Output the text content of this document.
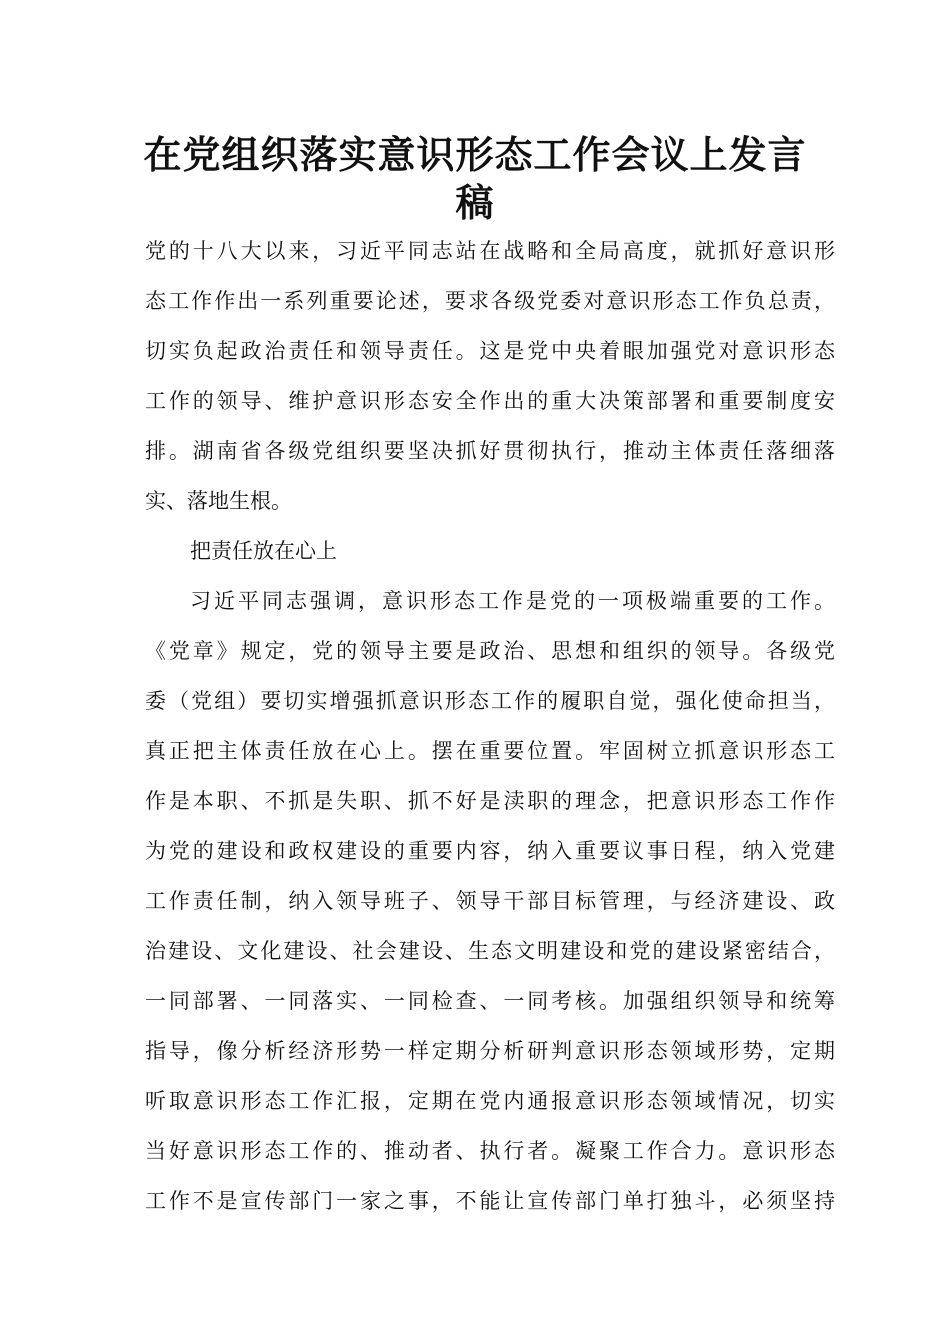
在党组织落实意识形态工作会议上发言
稿

党的十八大以来，习近平同志站在战略和全局高度，就抓好意识形

态工作作出一系列重要论述，要求各级党委对意识形态工作负总责，

切实负起政治责任和领导责任。这是党中央着眼加强党对意识形态

工作的领导、维护意识形态安全作出的重大决策部署和重要制度安

排。湖南省各级党组织要坚决抓好贯彻执行，推动主体责任落细落

实、落地生根。

把责任放在心上

习近平同志强调，意识形态工作是党的一项极端重要的工作。

《党章》规定，党的领导主要是政治、思想和组织的领导。各级党

委（党组）要切实增强抓意识形态工作的履职自觉，强化使命担当，

真正把主体责任放在心上。摆在重要位置。牢固树立抓意识形态工

作是本职、不抓是失职、抓不好是渎职的理念，把意识形态工作作

为党的建设和政权建设的重要内容，纳入重要议事日程，纳入党建

工作责任制，纳入领导班子、领导干部目标管理，与经济建设、政

治建设、文化建设、社会建设、生态文明建设和党的建设紧密结合，

一同部署、一同落实、一同检查、一同考核。加强组织领导和统筹

指导，像分析经济形势一样定期分析研判意识形态领域形势，定期

听取意识形态工作汇报，定期在党内通报意识形态领域情况，切实

当好意识形态工作的、推动者、执行者。凝聚工作合力。意识形态

工作不是宣传部门一家之事，不能让宣传部门单打独斗，必须坚持
